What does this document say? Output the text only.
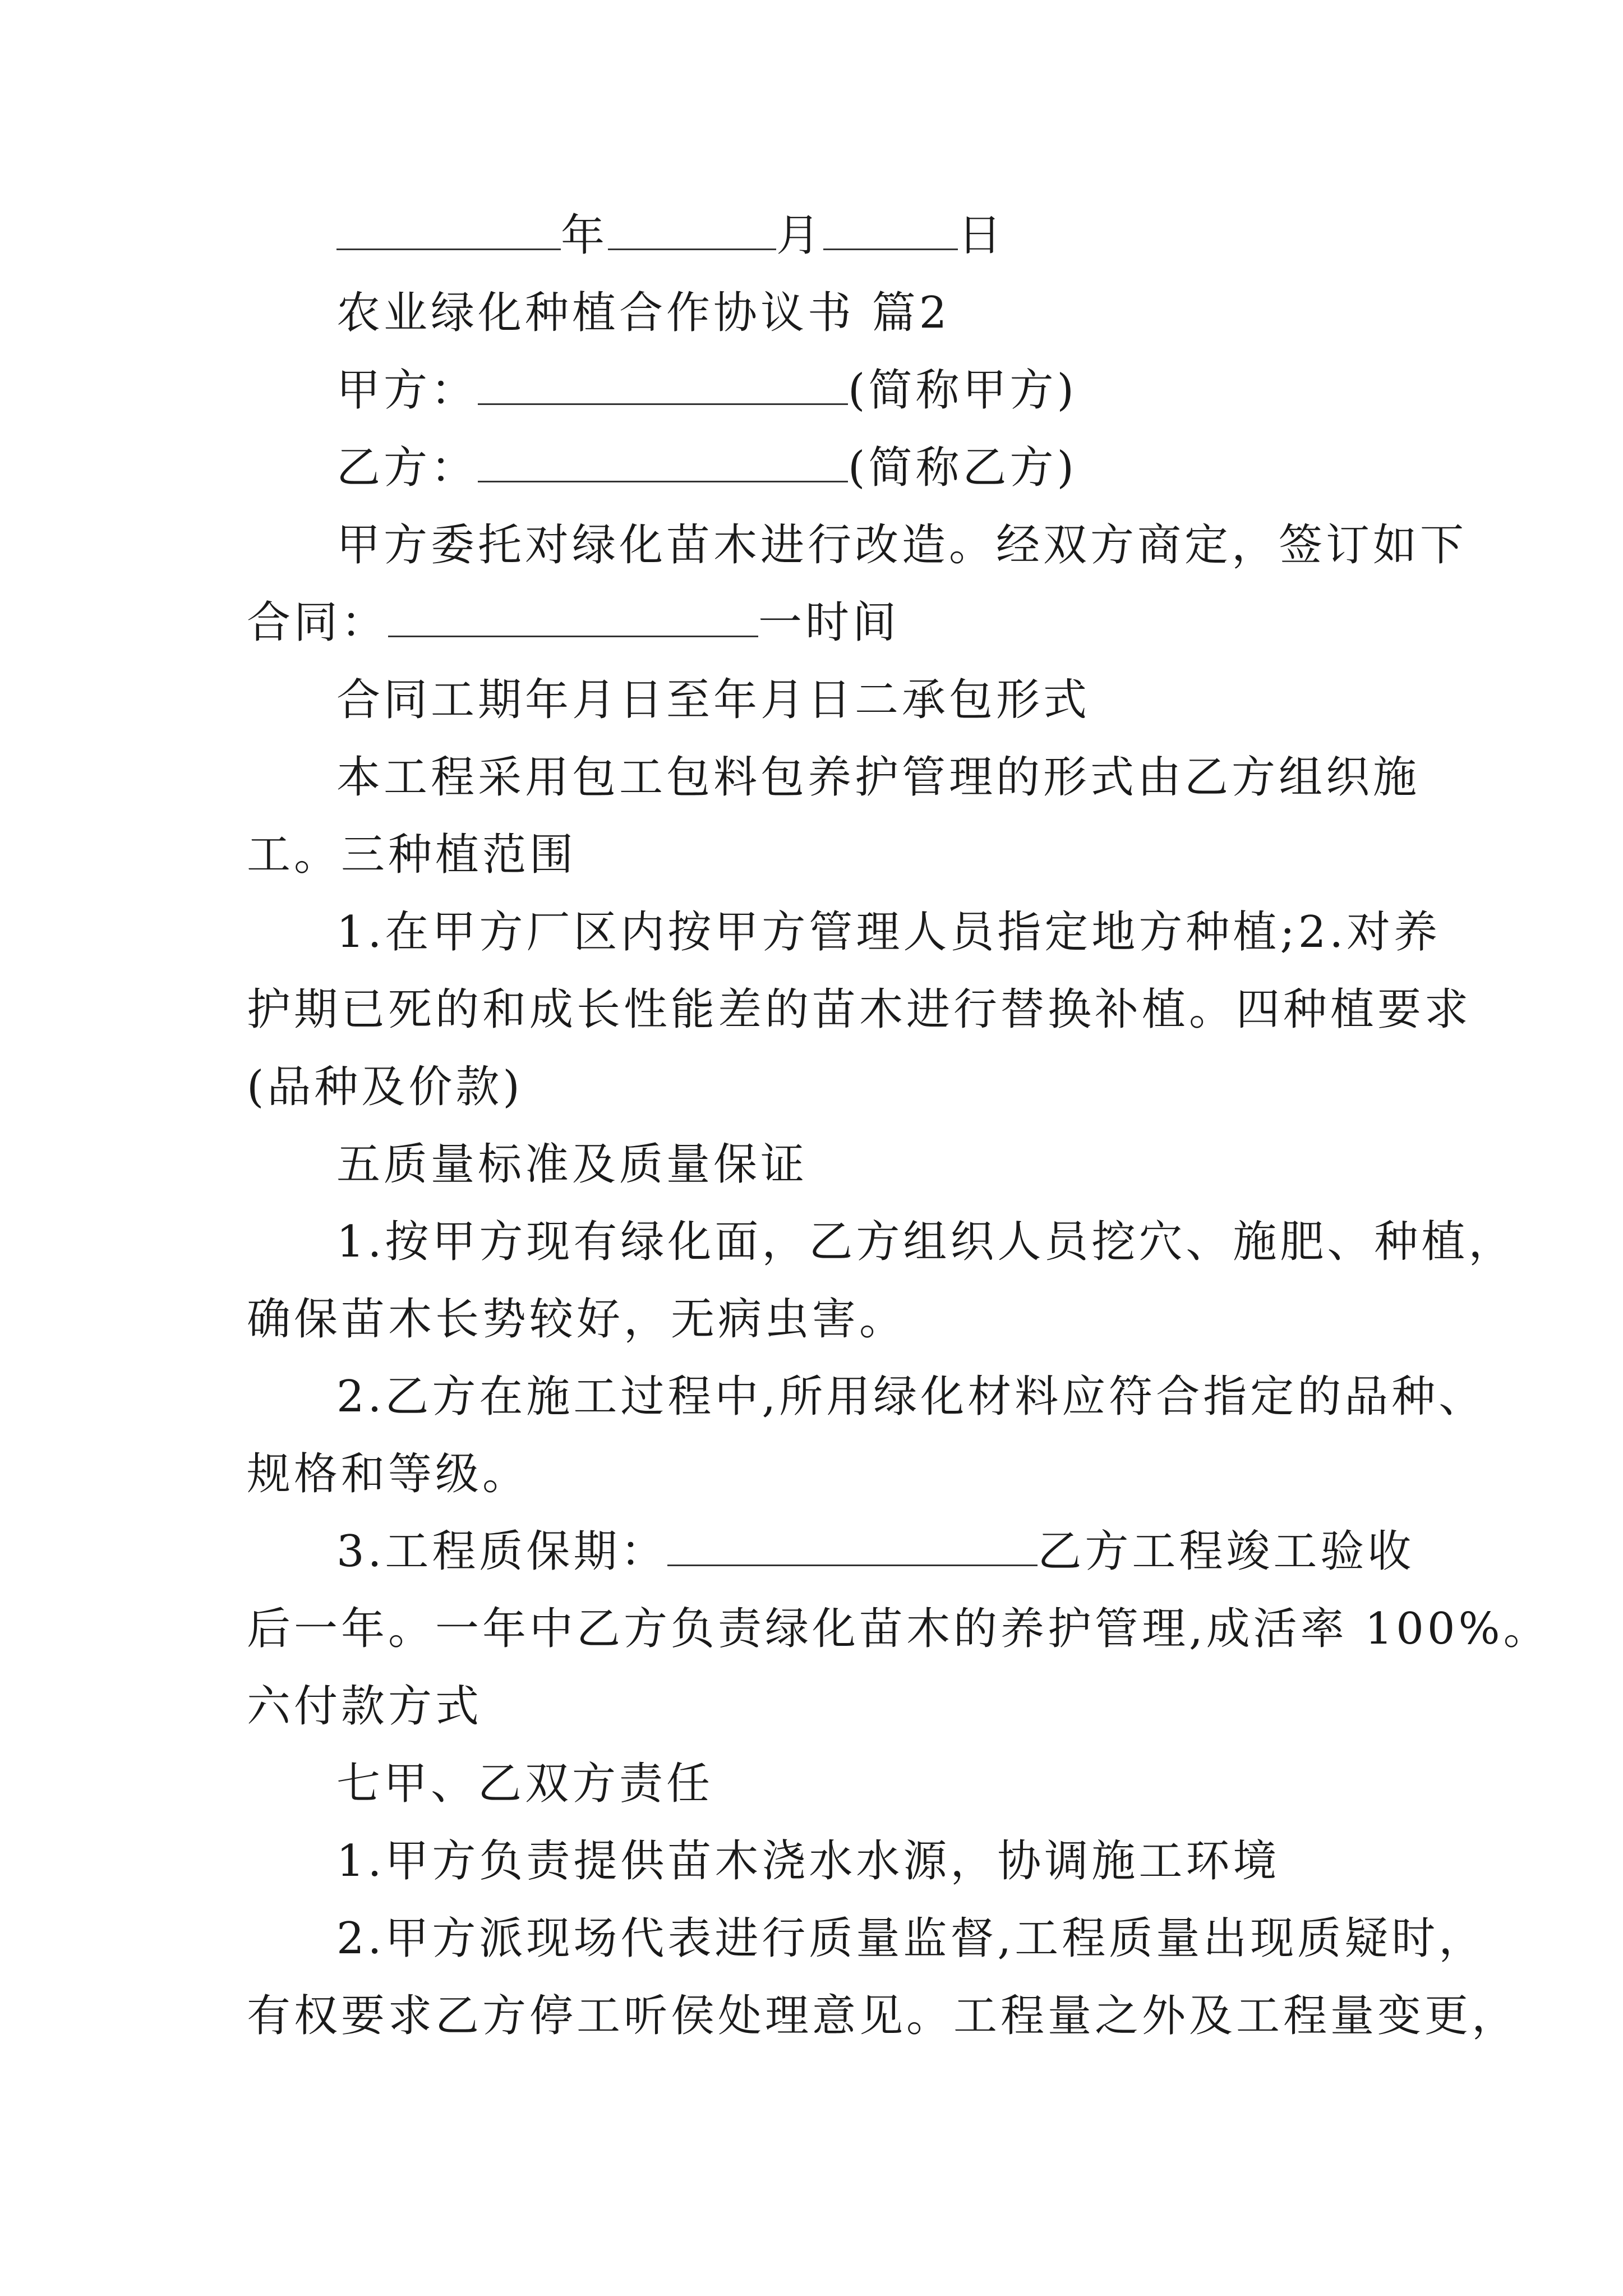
年	月	日
农业绿化种植合作协议书 篇2
甲方：	(简称甲方)
乙方：	(简称乙方)
甲方委托对绿化苗木进行改造。经双方商定，签订如下
合同：	一时间
合同工期年月日至年月日二承包形式
本工程采用包工包料包养护管理的形式由乙方组织施
工。三种植范围
1.在甲方厂区内按甲方管理人员指定地方种植;2.对养
护期已死的和成长性能差的苗木进行替换补植。四种植要求
(品种及价款)
五质量标准及质量保证
1.按甲方现有绿化面，乙方组织人员挖穴、施肥、种植，
确保苗木长势较好，无病虫害。
2.乙方在施工过程中,所用绿化材料应符合指定的品种、
规格和等级。
3.工程质保期：	乙方工程竣工验收
后一年。一年中乙方负责绿化苗木的养护管理,成活率 100%。
六付款方式
七甲、乙双方责任
1.甲方负责提供苗木浇水水源，协调施工环境
2.甲方派现场代表进行质量监督,工程质量出现质疑时，
有权要求乙方停工听侯处理意见。工程量之外及工程量变更，
